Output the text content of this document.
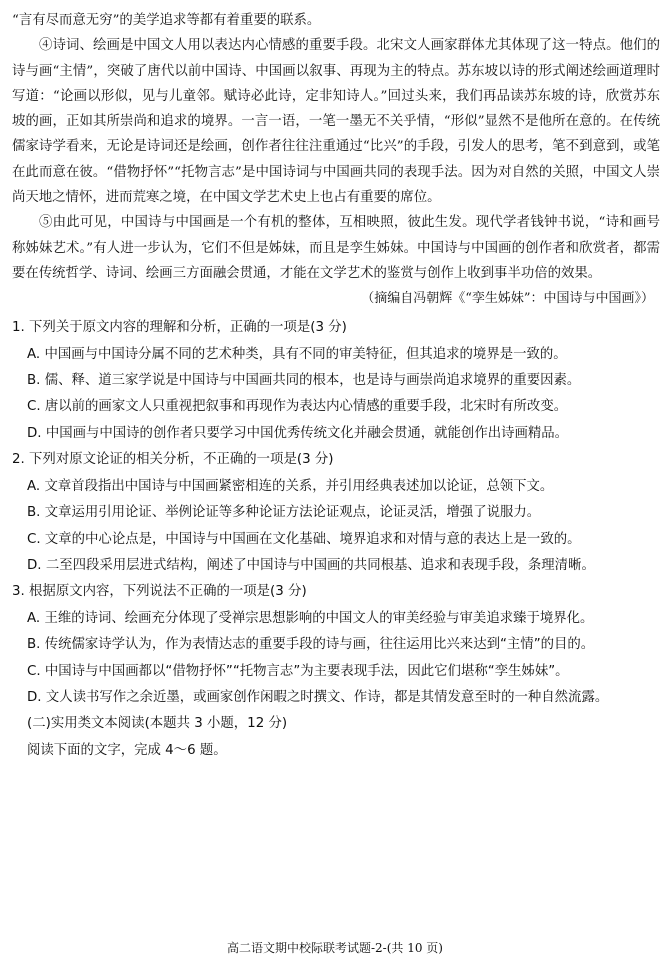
“言有尽而意无穷”的美学追求等都有着重要的联系。

④诗词、绘画是中国文人用以表达内心情感的重要手段。北宋文人画家群体尤其体现了这一特点。他们的诗与画“主情”，突破了唐代以前中国诗、中国画以叙事、再现为主的特点。苏东坡以诗的形式阐述绘画道理时写道：“论画以形似，见与儿童邻。赋诗必此诗，定非知诗人。”回过头来，我们再品读苏东坡的诗，欣赏苏东坡的画，正如其所崇尚和追求的境界。一言一语，一笔一墨无不关乎情，“形似”显然不是他所在意的。在传统儒家诗学看来，无论是诗词还是绘画，创作者往往注重通过“比兴”的手段，引发人的思考，笔不到意到，或笔在此而意在彼。“借物抒怀”“托物言志”是中国诗词与中国画共同的表现手法。因为对自然的关照，中国文人崇尚天地之情怀，进而荒寒之境，在中国文学艺术史上也占有重要的席位。

⑤由此可见，中国诗与中国画是一个有机的整体，互相映照，彼此生发。现代学者钱钟书说，“诗和画号称姊妹艺术。”有人进一步认为，它们不但是姊妹，而且是孪生姊妹。中国诗与中国画的创作者和欣赏者，都需要在传统哲学、诗词、绘画三方面融会贯通，才能在文学艺术的鉴赏与创作上收到事半功倍的效果。

（摘编自冯朝辉《“孪生姊妹”：中国诗与中国画》）

1. 下列关于原文内容的理解和分析，正确的一项是(3 分)

A. 中国画与中国诗分属不同的艺术种类，具有不同的审美特征，但其追求的境界是一致的。

B. 儒、释、道三家学说是中国诗与中国画共同的根本，也是诗与画崇尚追求境界的重要因素。

C. 唐以前的画家文人只重视把叙事和再现作为表达内心情感的重要手段，北宋时有所改变。

D. 中国画与中国诗的创作者只要学习中国优秀传统文化并融会贯通，就能创作出诗画精品。

2. 下列对原文论证的相关分析，不正确的一项是(3 分)

A. 文章首段指出中国诗与中国画紧密相连的关系，并引用经典表述加以论证，总领下文。

B. 文章运用引用论证、举例论证等多种论证方法论证观点，论证灵活，增强了说服力。

C. 文章的中心论点是，中国诗与中国画在文化基础、境界追求和对情与意的表达上是一致的。

D. 二至四段采用层进式结构，阐述了中国诗与中国画的共同根基、追求和表现手段，条理清晰。

3. 根据原文内容，下列说法不正确的一项是(3 分)

A. 王维的诗词、绘画充分体现了受禅宗思想影响的中国文人的审美经验与审美追求臻于境界化。

B. 传统儒家诗学认为，作为表情达志的重要手段的诗与画，往往运用比兴来达到“主情”的目的。

C. 中国诗与中国画都以“借物抒怀”“托物言志”为主要表现手法，因此它们堪称“孪生姊妹”。

D. 文人读书写作之余近墨，或画家创作闲暇之时撰文、作诗，都是其情发意至时的一种自然流露。

(二)实用类文本阅读(本题共 3 小题，12 分)

阅读下面的文字，完成 4～6 题。

高二语文期中校际联考试题-2-(共 10 页)
